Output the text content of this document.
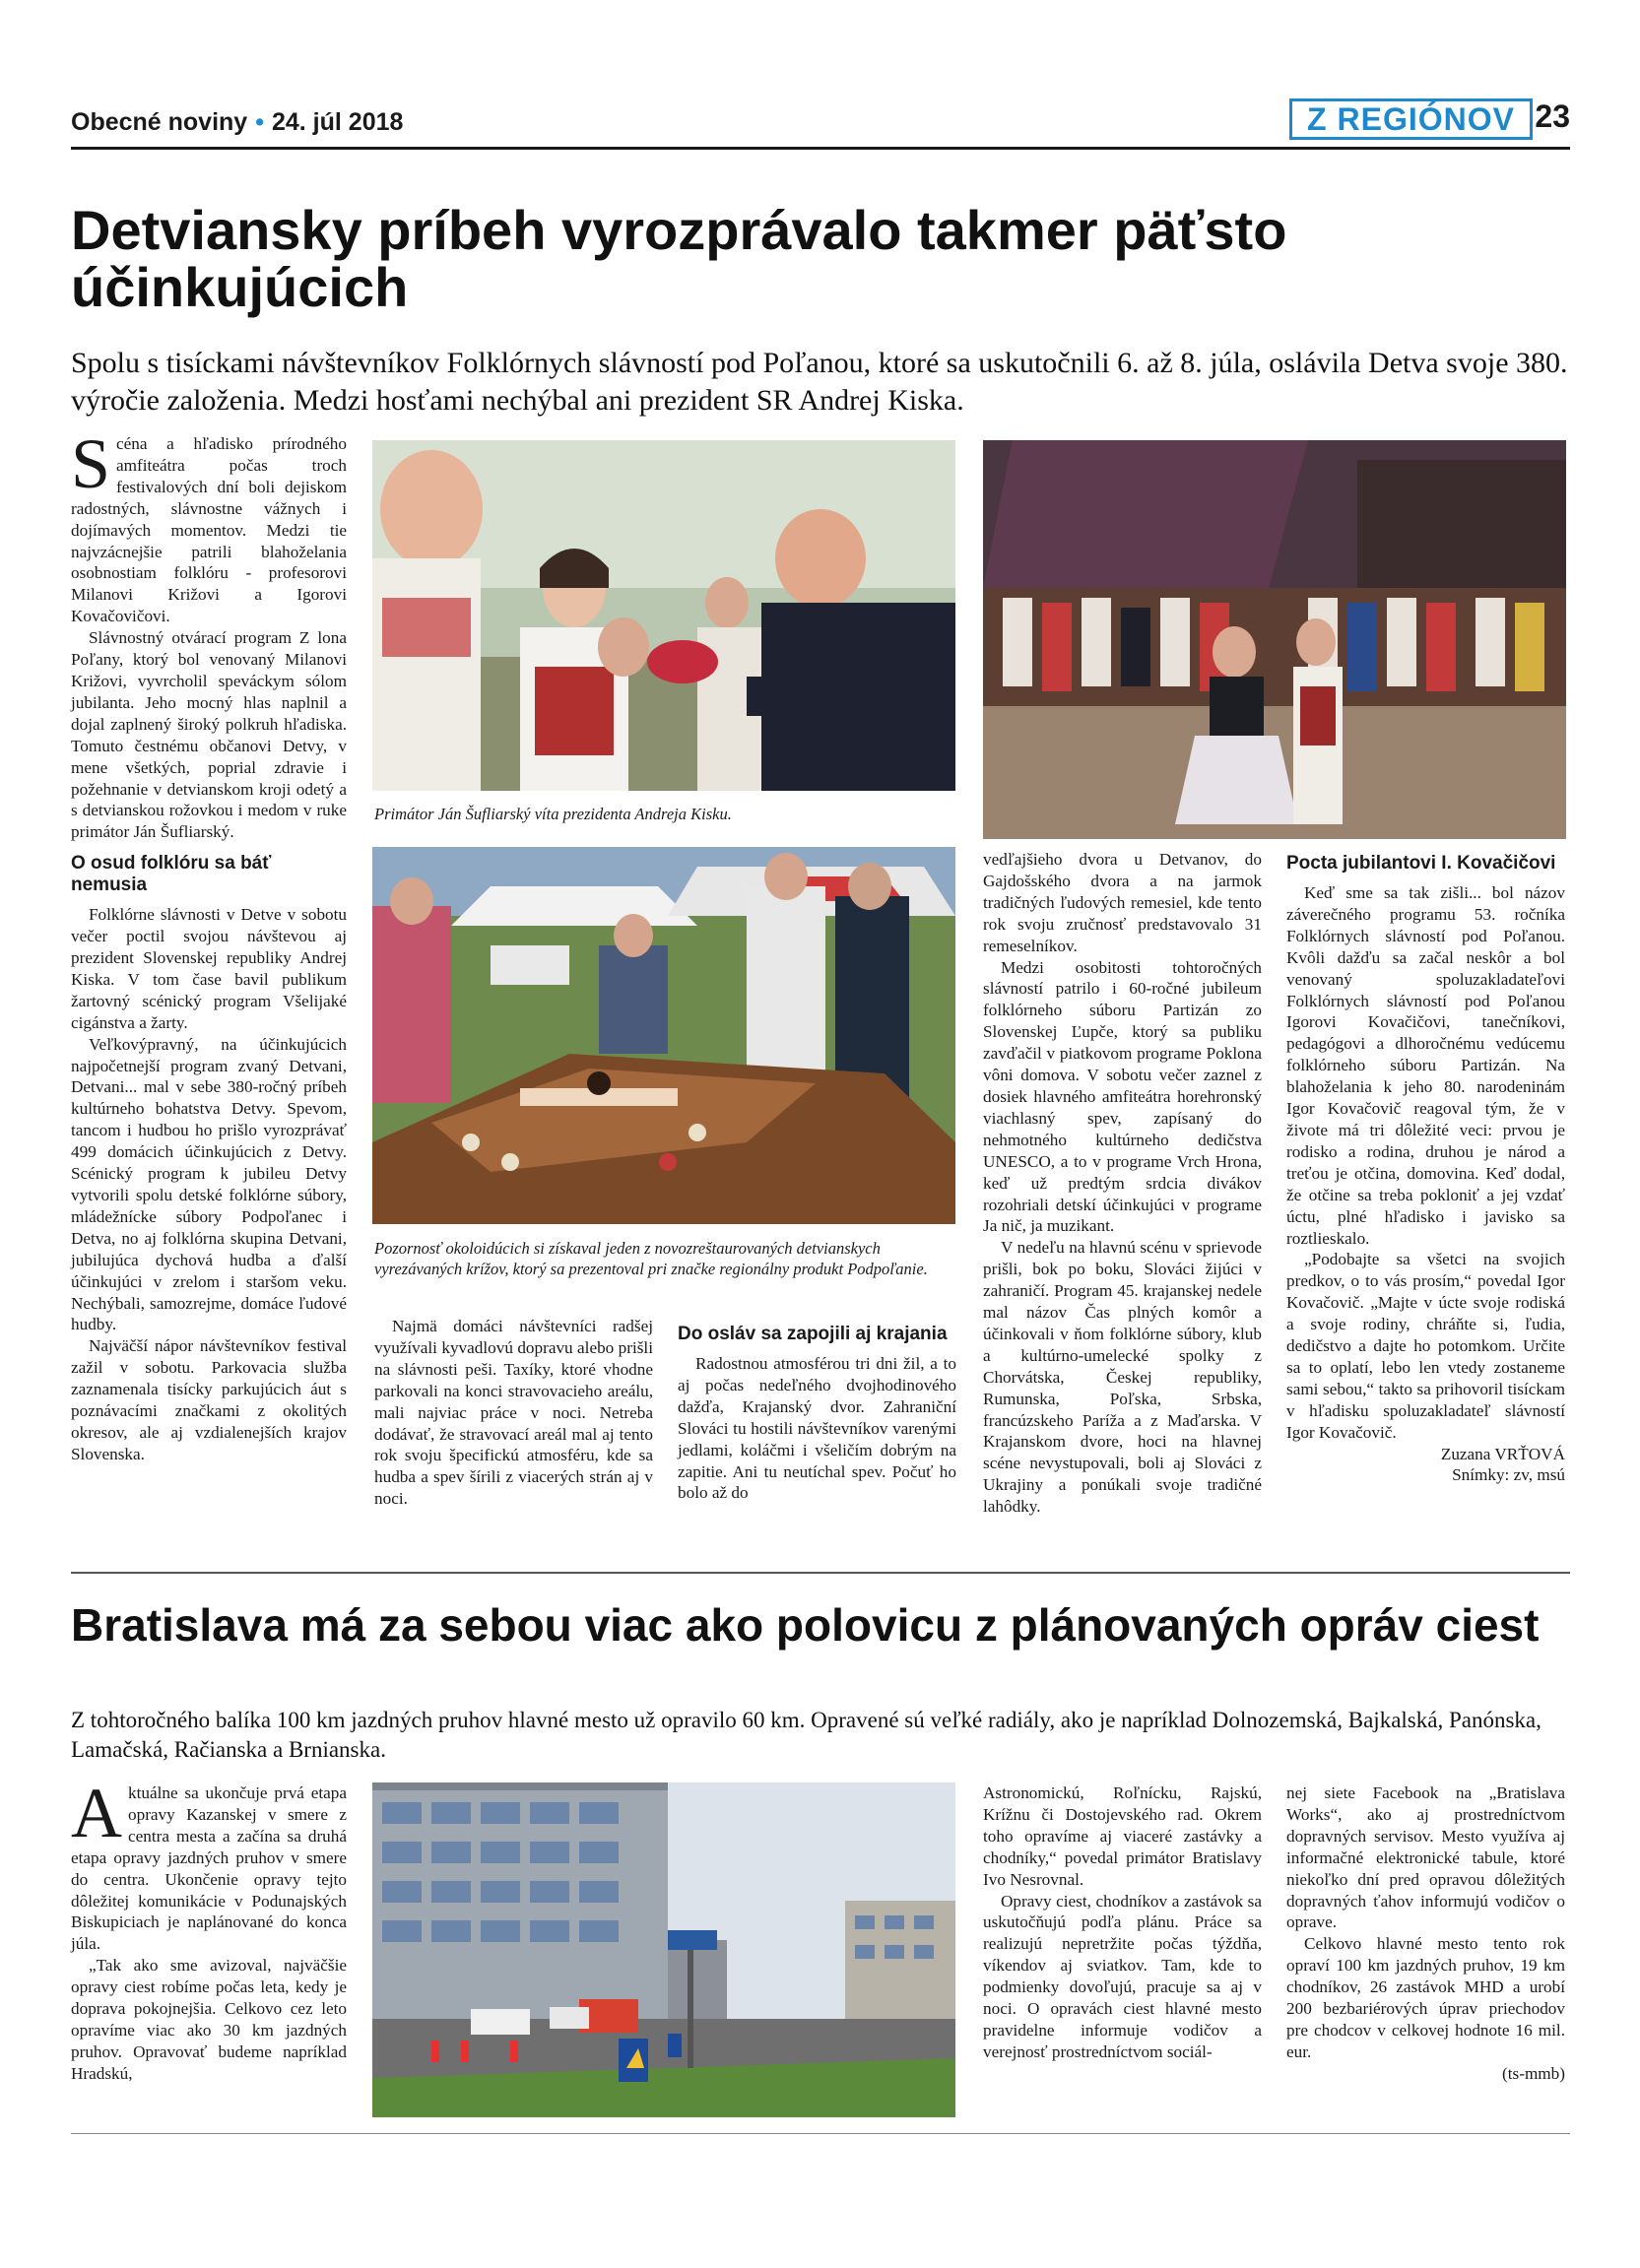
Obecné noviny • 24. júl 2018	Z REGIÓNOV 23
Detviansky príbeh vyrozprávalo takmer päťsto účinkujúcich
Spolu s tisíckami návštevníkov Folklórnych slávností pod Poľanou, ktoré sa uskutočnili 6. až 8. júla, oslávila Detva svoje 380. výročie založenia. Medzi hosťami nechýbal ani prezident SR Andrej Kiska.

Scéna a hľadisko prírodného amfiteátra počas troch festivalových dní boli dejiskom radostných, slávnostne vážnych i dojímavých momentov. Medzi tie najvzácnejšie patrili blahoželania osobnostiam folklóru - profesorovi Milanovi Križovi a Igorovi Kovačovičovi.

Slávnostný otvárací program Z lona Poľany, ktorý bol venovaný Milanovi Križovi, vyvrcholil speváckym sólom jubilanta. Jeho mocný hlas naplnil a dojal zaplnený široký polkruh hľadiska. Tomuto čestnému občanovi Detvy, v mene všetkých, poprial zdravie i požehnanie v detvianskom kroji odetý a s detvianskou rožovkou i medom v ruke primátor Ján Šufliarský.

O osud folklóru sa báť nemusia

Folklórne slávnosti v Detve v sobotu večer poctil svojou návštevou aj prezident Slovenskej republiky Andrej Kiska. V tom čase bavil publikum žartovný scénický program Všelijaké cigánstva a žarty.

Veľkovýpravný, na účinkujúcich najpočetnejší program zvaný Detvani, Detvani... mal v sebe 380-ročný príbeh kultúrneho bohatstva Detvy. Spevom, tancom i hudbou ho prišlo vyrozprávať 499 domácich účinkujúcich z Detvy. Scénický program k jubileu Detvy vytvorili spolu detské folklórne súbory, mládežnícke súbory Podpoľanec i Detva, no aj folklórna skupina Detvani, jubilujúca dychová hudba a ďalší účinkujúci v zrelom i staršom veku. Nechýbali, samozrejme, domáce ľudové hudby.

Najväčší nápor návštevníkov festival zažil v sobotu. Parkovacia služba zaznamenala tisícky parkujúcich áut s poznávacími značkami z okolitých okresov, ale aj vzdialenejších krajov Slovenska.

Primátor Ján Šufliarský víta prezidenta Andreja Kisku.
Pozornosť okoloidúcich si získaval jeden z novozreštaurovaných detvianskych vyrezávaných krížov, ktorý sa prezentoval pri značke regionálny produkt Podpoľanie.

Najmä domáci návštevníci radšej využívali kyvadlovú dopravu alebo prišli na slávnosti peši. Taxíky, ktoré vhodne parkovali na konci stravovacieho areálu, mali najviac práce v noci. Netreba dodávať, že stravovací areál mal aj tento rok svoju špecifickú atmosféru, kde sa hudba a spev šírili z viacerých strán aj v noci.

Do osláv sa zapojili aj krajania

Radostnou atmosférou tri dni žil, a to aj počas nedeľného dvojhodinového dažďa, Krajanský dvor. Zahraniční Slováci tu hostili návštevníkov varenými jedlami, koláčmi i všeličím dobrým na zapitie. Ani tu neutíchal spev. Počuť ho bolo až do

vedľajšieho dvora u Detvanov, do Gajdošského dvora a na jarmok tradičných ľudových remesiel, kde tento rok svoju zručnosť predstavovalo 31 remeselníkov.

Medzi osobitosti tohtoročných slávností patrilo i 60-ročné jubileum folklórneho súboru Partizán zo Slovenskej Ľupče, ktorý sa publiku zavďačil v piatkovom programe Poklona vôni domova. V sobotu večer zaznel z dosiek hlavného amfiteátra horehronský viachlasný spev, zapísaný do nehmotného kultúrneho dedičstva UNESCO, a to v programe Vrch Hrona, keď už predtým srdcia divákov rozohriali detskí účinkujúci v programe Ja nič, ja muzikant.

V nedeľu na hlavnú scénu v sprievode prišli, bok po boku, Slováci žijúci v zahraničí. Program 45. krajanskej nedele mal názov Čas plných komôr a účinkovali v ňom folklórne súbory, klub a kultúrno-umelecké spolky z Chorvátska, Českej republiky, Rumunska, Poľska, Srbska, francúzskeho Paríža a z Maďarska. V Krajanskom dvore, hoci na hlavnej scéne nevystupovali, boli aj Slováci z Ukrajiny a ponúkali svoje tradičné lahôdky.

Pocta jubilantovi I. Kovačičovi

Keď sme sa tak zišli... bol názov záverečného programu 53. ročníka Folklórnych slávností pod Poľanou. Kvôli dažďu sa začal neskôr a bol venovaný spoluzakladateľovi Folklórnych slávností pod Poľanou Igorovi Kovačičovi, tanečníkovi, pedagógovi a dlhoročnému vedúcemu folklórneho súboru Partizán. Na blahoželania k jeho 80. narodeninám Igor Kovačovič reagoval tým, že v živote má tri dôležité veci: prvou je rodisko a rodina, druhou je národ a treťou je otčina, domovina. Keď dodal, že otčine sa treba pokloniť a jej vzdať úctu, plné hľadisko i javisko sa roztlieskalo.

„Podobajte sa všetci na svojich predkov, o to vás prosím,“ povedal Igor Kovačovič. „Majte v úcte svoje rodiská a svoje rodiny, chráňte si, ľudia, dedičstvo a dajte ho potomkom. Určite sa to oplatí, lebo len vtedy zostaneme sami sebou,“ takto sa prihovoril tisíckam v hľadisku spoluzakladateľ slávností Igor Kovačovič.

Zuzana VRŤOVÁ

Snímky: zv, msú

Bratislava má za sebou viac ako polovicu z plánovaných opráv ciest
Z tohtoročného balíka 100 km jazdných pruhov hlavné mesto už opravilo 60 km. Opravené sú veľké radiály, ako je napríklad Dolnozemská, Bajkalská, Panónska, Lamačská, Račianska a Brnianska.

Aktuálne sa ukončuje prvá etapa opravy Kazanskej v smere z centra mesta a začína sa druhá etapa opravy jazdných pruhov v smere do centra. Ukončenie opravy tejto dôležitej komunikácie v Podunajských Biskupiciach je naplánované do konca júla.

„Tak ako sme avizoval, najväčšie opravy ciest robíme počas leta, kedy je doprava pokojnejšia. Celkovo cez leto opravíme viac ako 30 km jazdných pruhov. Opravovať budeme napríklad Hradskú,

Astronomickú, Roľnícku, Rajskú, Krížnu či Dostojevského rad. Okrem toho opravíme aj viaceré zastávky a chodníky,“ povedal primátor Bratislavy Ivo Nesrovnal.

Opravy ciest, chodníkov a zastávok sa uskutočňujú podľa plánu. Práce sa realizujú nepretržite počas týždňa, víkendov aj sviatkov. Tam, kde to podmienky dovoľujú, pracuje sa aj v noci. O opravách ciest hlavné mesto pravidelne informuje vodičov a verejnosť prostredníctvom sociál-

nej siete Facebook na „Bratislava Works“, ako aj prostredníctvom dopravných servisov. Mesto využíva aj informačné elektronické tabule, ktoré niekoľko dní pred opravou dôležitých dopravných ťahov informujú vodičov o oprave.

Celkovo hlavné mesto tento rok opraví 100 km jazdných pruhov, 19 km chodníkov, 26 zastávok MHD a urobí 200 bezbariérových úprav priechodov pre chodcov v celkovej hodnote 16 mil. eur.

(ts-mmb)
